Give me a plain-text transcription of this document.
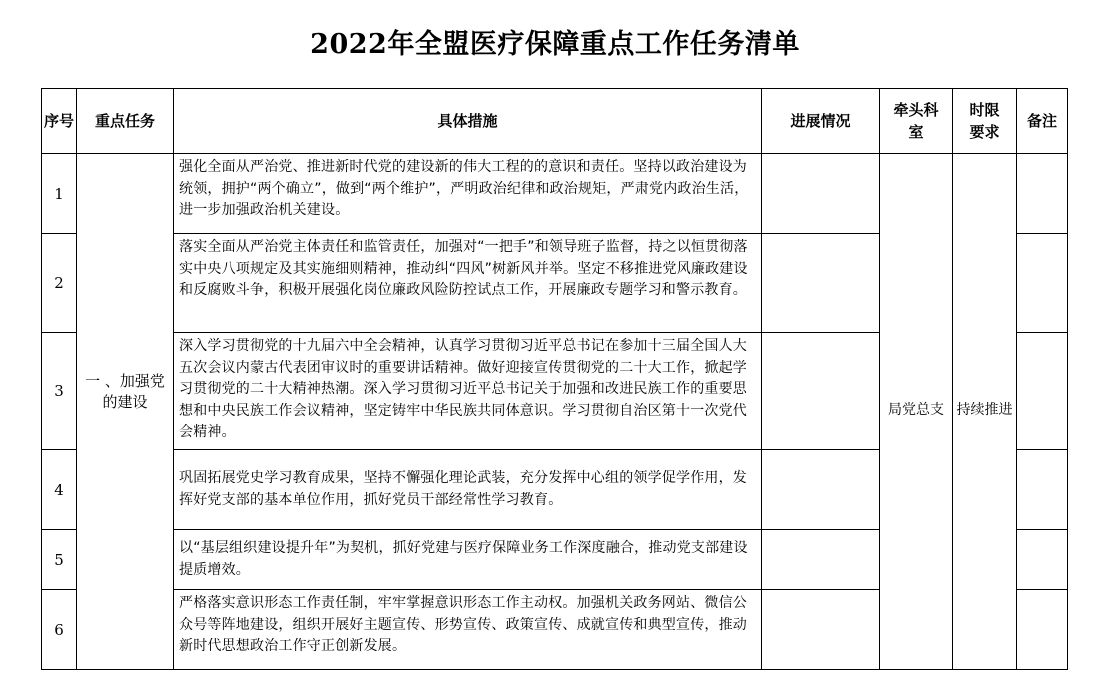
2022年全盟医疗保障重点工作任务清单
序号	重点任务	具体措施	进展情况	牵头科室	时限要求	备注
1	一 、加强党的建设	强化全面从严治党、推进新时代党的建设新的伟大工程的的意识和责任。坚持以政治建设为统领，拥护“两个确立”，做到“两个维护”，严明政治纪律和政治规矩，严肃党内政治生活，进一步加强政治机关建设。		局党总支	持续推进	
2		落实全面从严治党主体责任和监管责任，加强对“一把手”和领导班子监督，持之以恒贯彻落实中央八项规定及其实施细则精神，推动纠“四风”树新风并举。坚定不移推进党风廉政建设和反腐败斗争，积极开展强化岗位廉政风险防控试点工作，开展廉政专题学习和警示教育。				
3		深入学习贯彻党的十九届六中全会精神，认真学习贯彻习近平总书记在参加十三届全国人大五次会议内蒙古代表团审议时的重要讲话精神。做好迎接宣传贯彻党的二十大工作，掀起学习贯彻党的二十大精神热潮。深入学习贯彻习近平总书记关于加强和改进民族工作的重要思想和中央民族工作会议精神，坚定铸牢中华民族共同体意识。学习贯彻自治区第十一次党代会精神。				
4		巩固拓展党史学习教育成果，坚持不懈强化理论武装，充分发挥中心组的领学促学作用，发挥好党支部的基本单位作用，抓好党员干部经常性学习教育。				
5		以“基层组织建设提升年”为契机，抓好党建与医疗保障业务工作深度融合，推动党支部建设提质增效。				
6		严格落实意识形态工作责任制，牢牢掌握意识形态工作主动权。加强机关政务网站、微信公众号等阵地建设，组织开展好主题宣传、形势宣传、政策宣传、成就宣传和典型宣传，推动新时代思想政治工作守正创新发展。				
